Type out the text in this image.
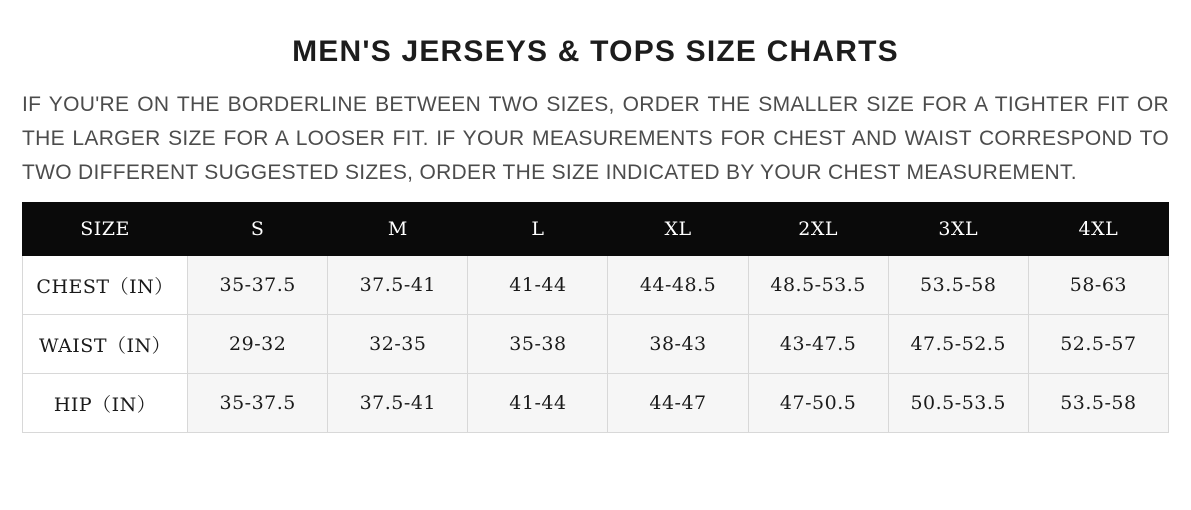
MEN'S JERSEYS & TOPS SIZE CHARTS

IF YOU'RE ON THE BORDERLINE BETWEEN TWO SIZES, ORDER THE SMALLER SIZE FOR A TIGHTER FIT OR THE LARGER SIZE FOR A LOOSER FIT. IF YOUR MEASUREMENTS FOR CHEST AND WAIST CORRESPOND TO TWO DIFFERENT SUGGESTED SIZES, ORDER THE SIZE INDICATED BY YOUR CHEST MEASUREMENT.

SIZE	S	M	L	XL	2XL	3XL	4XL
CHEST（IN）	35-37.5	37.5-41	41-44	44-48.5	48.5-53.5	53.5-58	58-63
WAIST（IN）	29-32	32-35	35-38	38-43	43-47.5	47.5-52.5	52.5-57
HIP（IN）	35-37.5	37.5-41	41-44	44-47	47-50.5	50.5-53.5	53.5-58
